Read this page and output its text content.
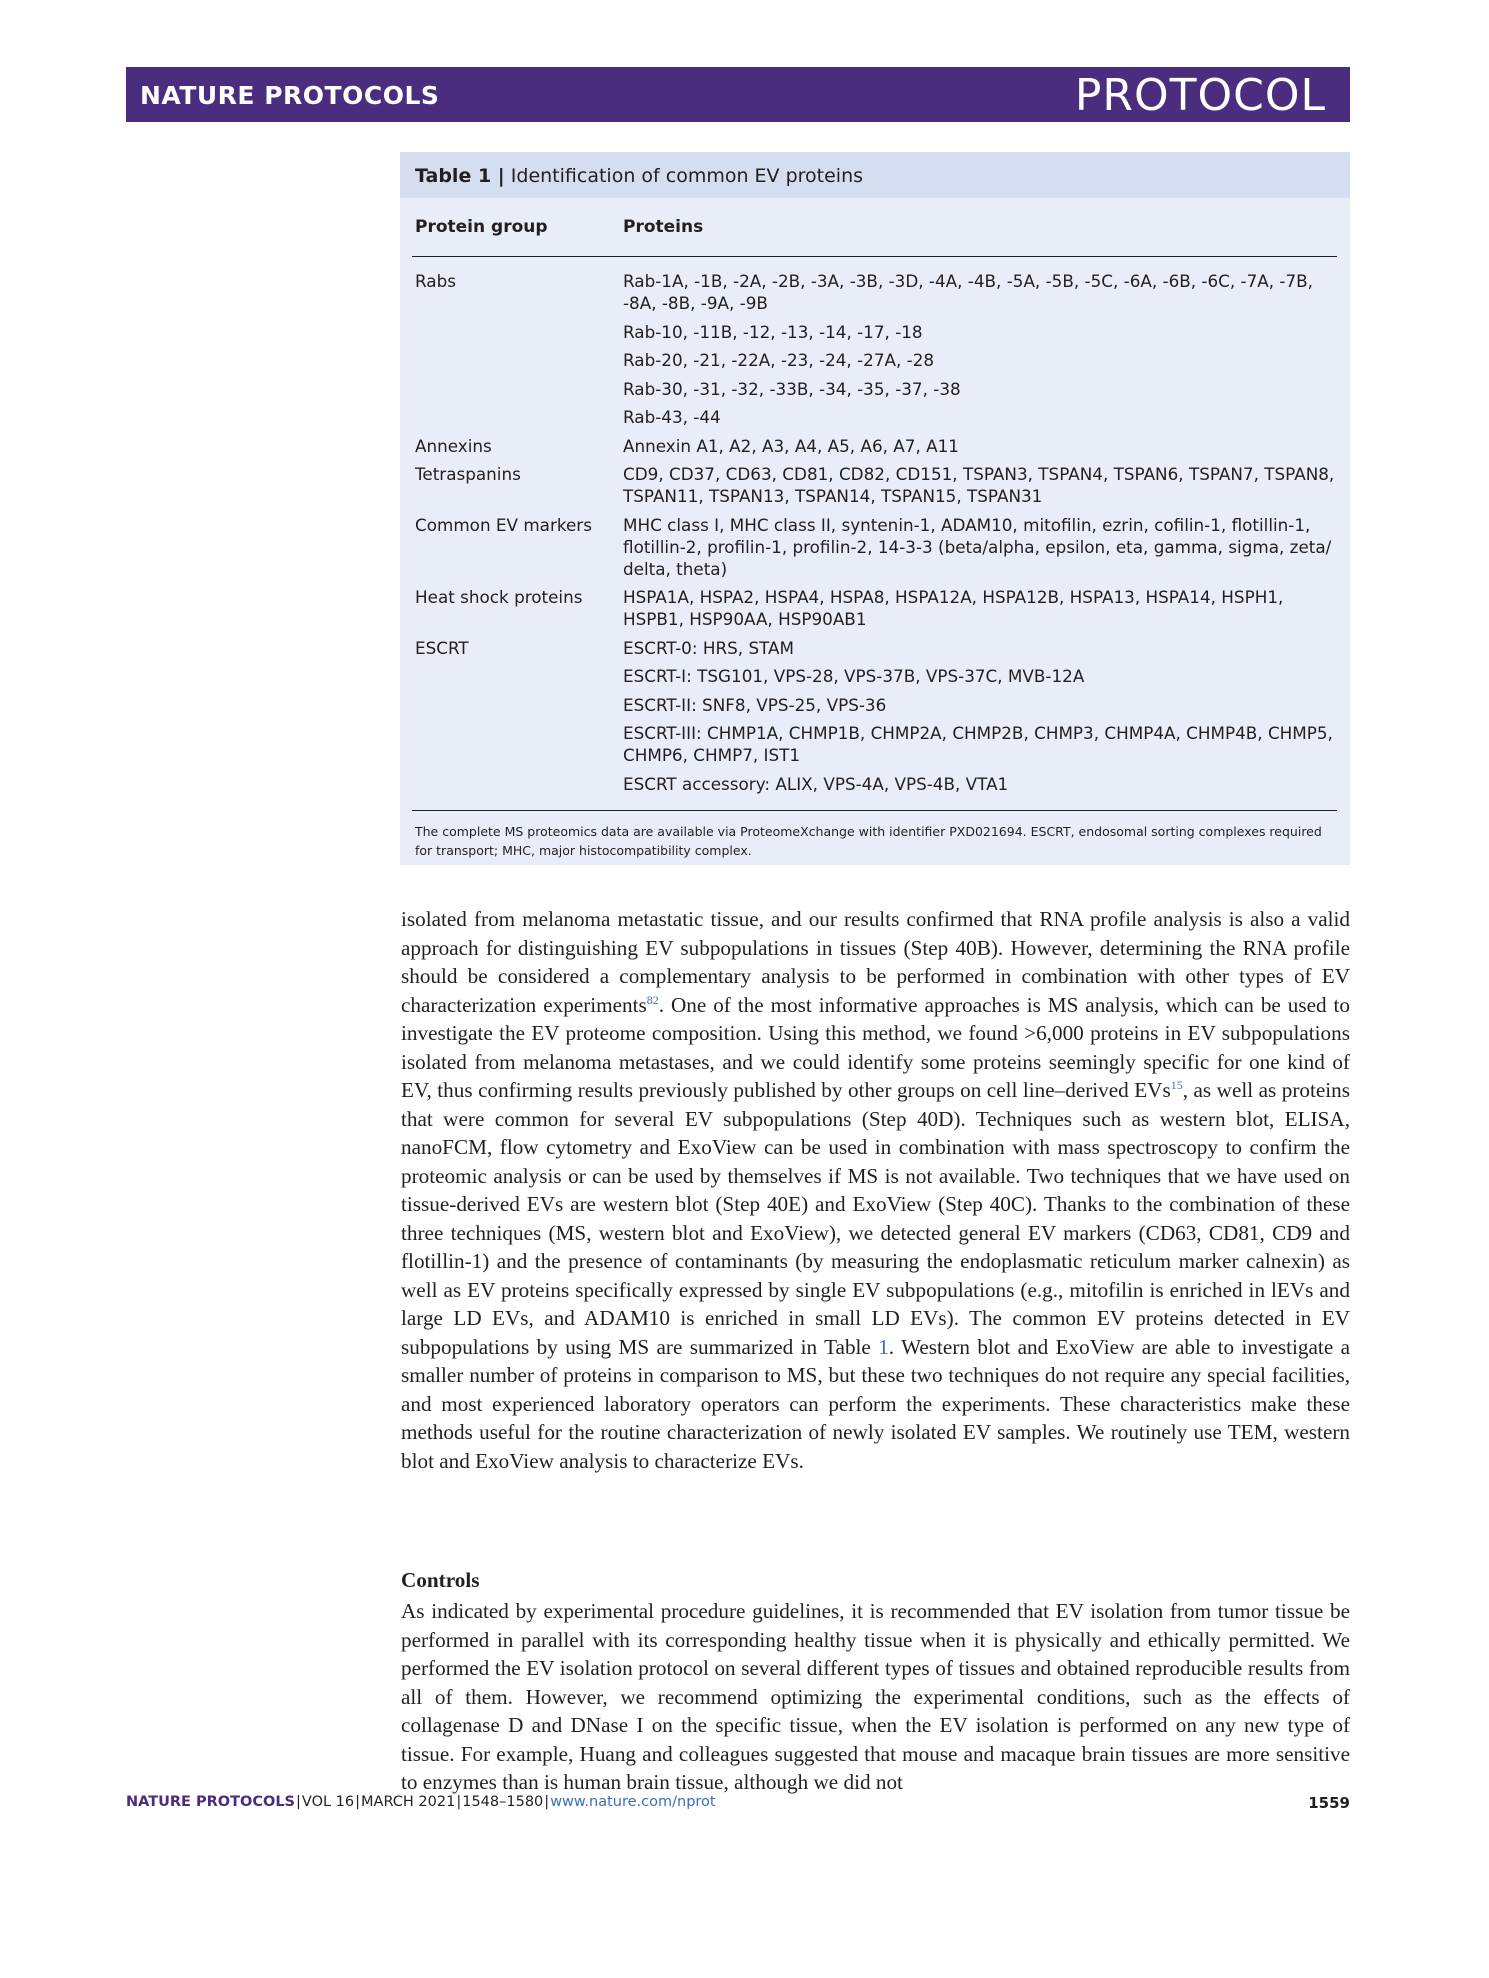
NATURE PROTOCOLS	PROTOCOL
Table 1 | Identification of common EV proteins
Protein group	Proteins
Rabs	Rab-1A, -1B, -2A, -2B, -3A, -3B, -3D, -4A, -4B, -5A, -5B, -5C, -6A, -6B, -6C, -7A, -7B, -8A, -8B, -9A, -9B
Rab-10, -11B, -12, -13, -14, -17, -18
Rab-20, -21, -22A, -23, -24, -27A, -28
Rab-30, -31, -32, -33B, -34, -35, -37, -38
Rab-43, -44
Annexins	Annexin A1, A2, A3, A4, A5, A6, A7, A11
Tetraspanins	CD9, CD37, CD63, CD81, CD82, CD151, TSPAN3, TSPAN4, TSPAN6, TSPAN7, TSPAN8, TSPAN11, TSPAN13, TSPAN14, TSPAN15, TSPAN31
Common EV markers	MHC class I, MHC class II, syntenin-1, ADAM10, mitofilin, ezrin, cofilin-1, flotillin-1, flotillin-2, profilin-1, profilin-2, 14-3-3 (beta/alpha, epsilon, eta, gamma, sigma, zeta/ delta, theta)
Heat shock proteins	HSPA1A, HSPA2, HSPA4, HSPA8, HSPA12A, HSPA12B, HSPA13, HSPA14, HSPH1, HSPB1, HSP90AA, HSP90AB1
ESCRT	ESCRT-0: HRS, STAM
ESCRT-I: TSG101, VPS-28, VPS-37B, VPS-37C, MVB-12A
ESCRT-II: SNF8, VPS-25, VPS-36
ESCRT-III: CHMP1A, CHMP1B, CHMP2A, CHMP2B, CHMP3, CHMP4A, CHMP4B, CHMP5, CHMP6, CHMP7, IST1
ESCRT accessory: ALIX, VPS-4A, VPS-4B, VTA1
The complete MS proteomics data are available via ProteomeXchange with identifier PXD021694. ESCRT, endosomal sorting complexes required for transport; MHC, major histocompatibility complex.

isolated from melanoma metastatic tissue, and our results confirmed that RNA profile analysis is also a valid approach for distinguishing EV subpopulations in tissues (Step 40B). However, determining the RNA profile should be considered a complementary analysis to be performed in combination with other types of EV characterization experiments$^{82}$. One of the most informative approaches is MS analysis, which can be used to investigate the EV proteome composition. Using this method, we found >6,000 proteins in EV subpopulations isolated from melanoma metastases, and we could identify some proteins seemingly specific for one kind of EV, thus confirming results previously published by other groups on cell line–derived EVs$^{15}$, as well as proteins that were common for several EV subpopulations (Step 40D). Techniques such as western blot, ELISA, nanoFCM, flow cytometry and ExoView can be used in combination with mass spectroscopy to confirm the proteomic analysis or can be used by themselves if MS is not available. Two techniques that we have used on tissue-derived EVs are western blot (Step 40E) and ExoView (Step 40C). Thanks to the combination of these three techniques (MS, western blot and ExoView), we detected general EV markers (CD63, CD81, CD9 and flotillin-1) and the presence of contaminants (by measuring the endoplasmatic reticulum marker calnexin) as well as EV proteins specifically expressed by single EV subpopulations (e.g., mitofilin is enriched in lEVs and large LD EVs, and ADAM10 is enriched in small LD EVs). The common EV proteins detected in EV subpopulations by using MS are summarized in Table 1. Western blot and ExoView are able to investigate a smaller number of proteins in comparison to MS, but these two techniques do not require any special facilities, and most experienced laboratory operators can perform the experiments. These characteristics make these methods useful for the routine characterization of newly isolated EV samples. We routinely use TEM, western blot and ExoView analysis to characterize EVs.

Controls

As indicated by experimental procedure guidelines, it is recommended that EV isolation from tumor tissue be performed in parallel with its corresponding healthy tissue when it is physically and ethically permitted. We performed the EV isolation protocol on several different types of tissues and obtained reproducible results from all of them. However, we recommend optimizing the experimental conditions, such as the effects of collagenase D and DNase I on the specific tissue, when the EV isolation is performed on any new type of tissue. For example, Huang and colleagues suggested that mouse and macaque brain tissues are more sensitive to enzymes than is human brain tissue, although we did not

NATURE PROTOCOLS|VOL 16|MARCH 2021|1548–1580|www.nature.com/nprot	1559
